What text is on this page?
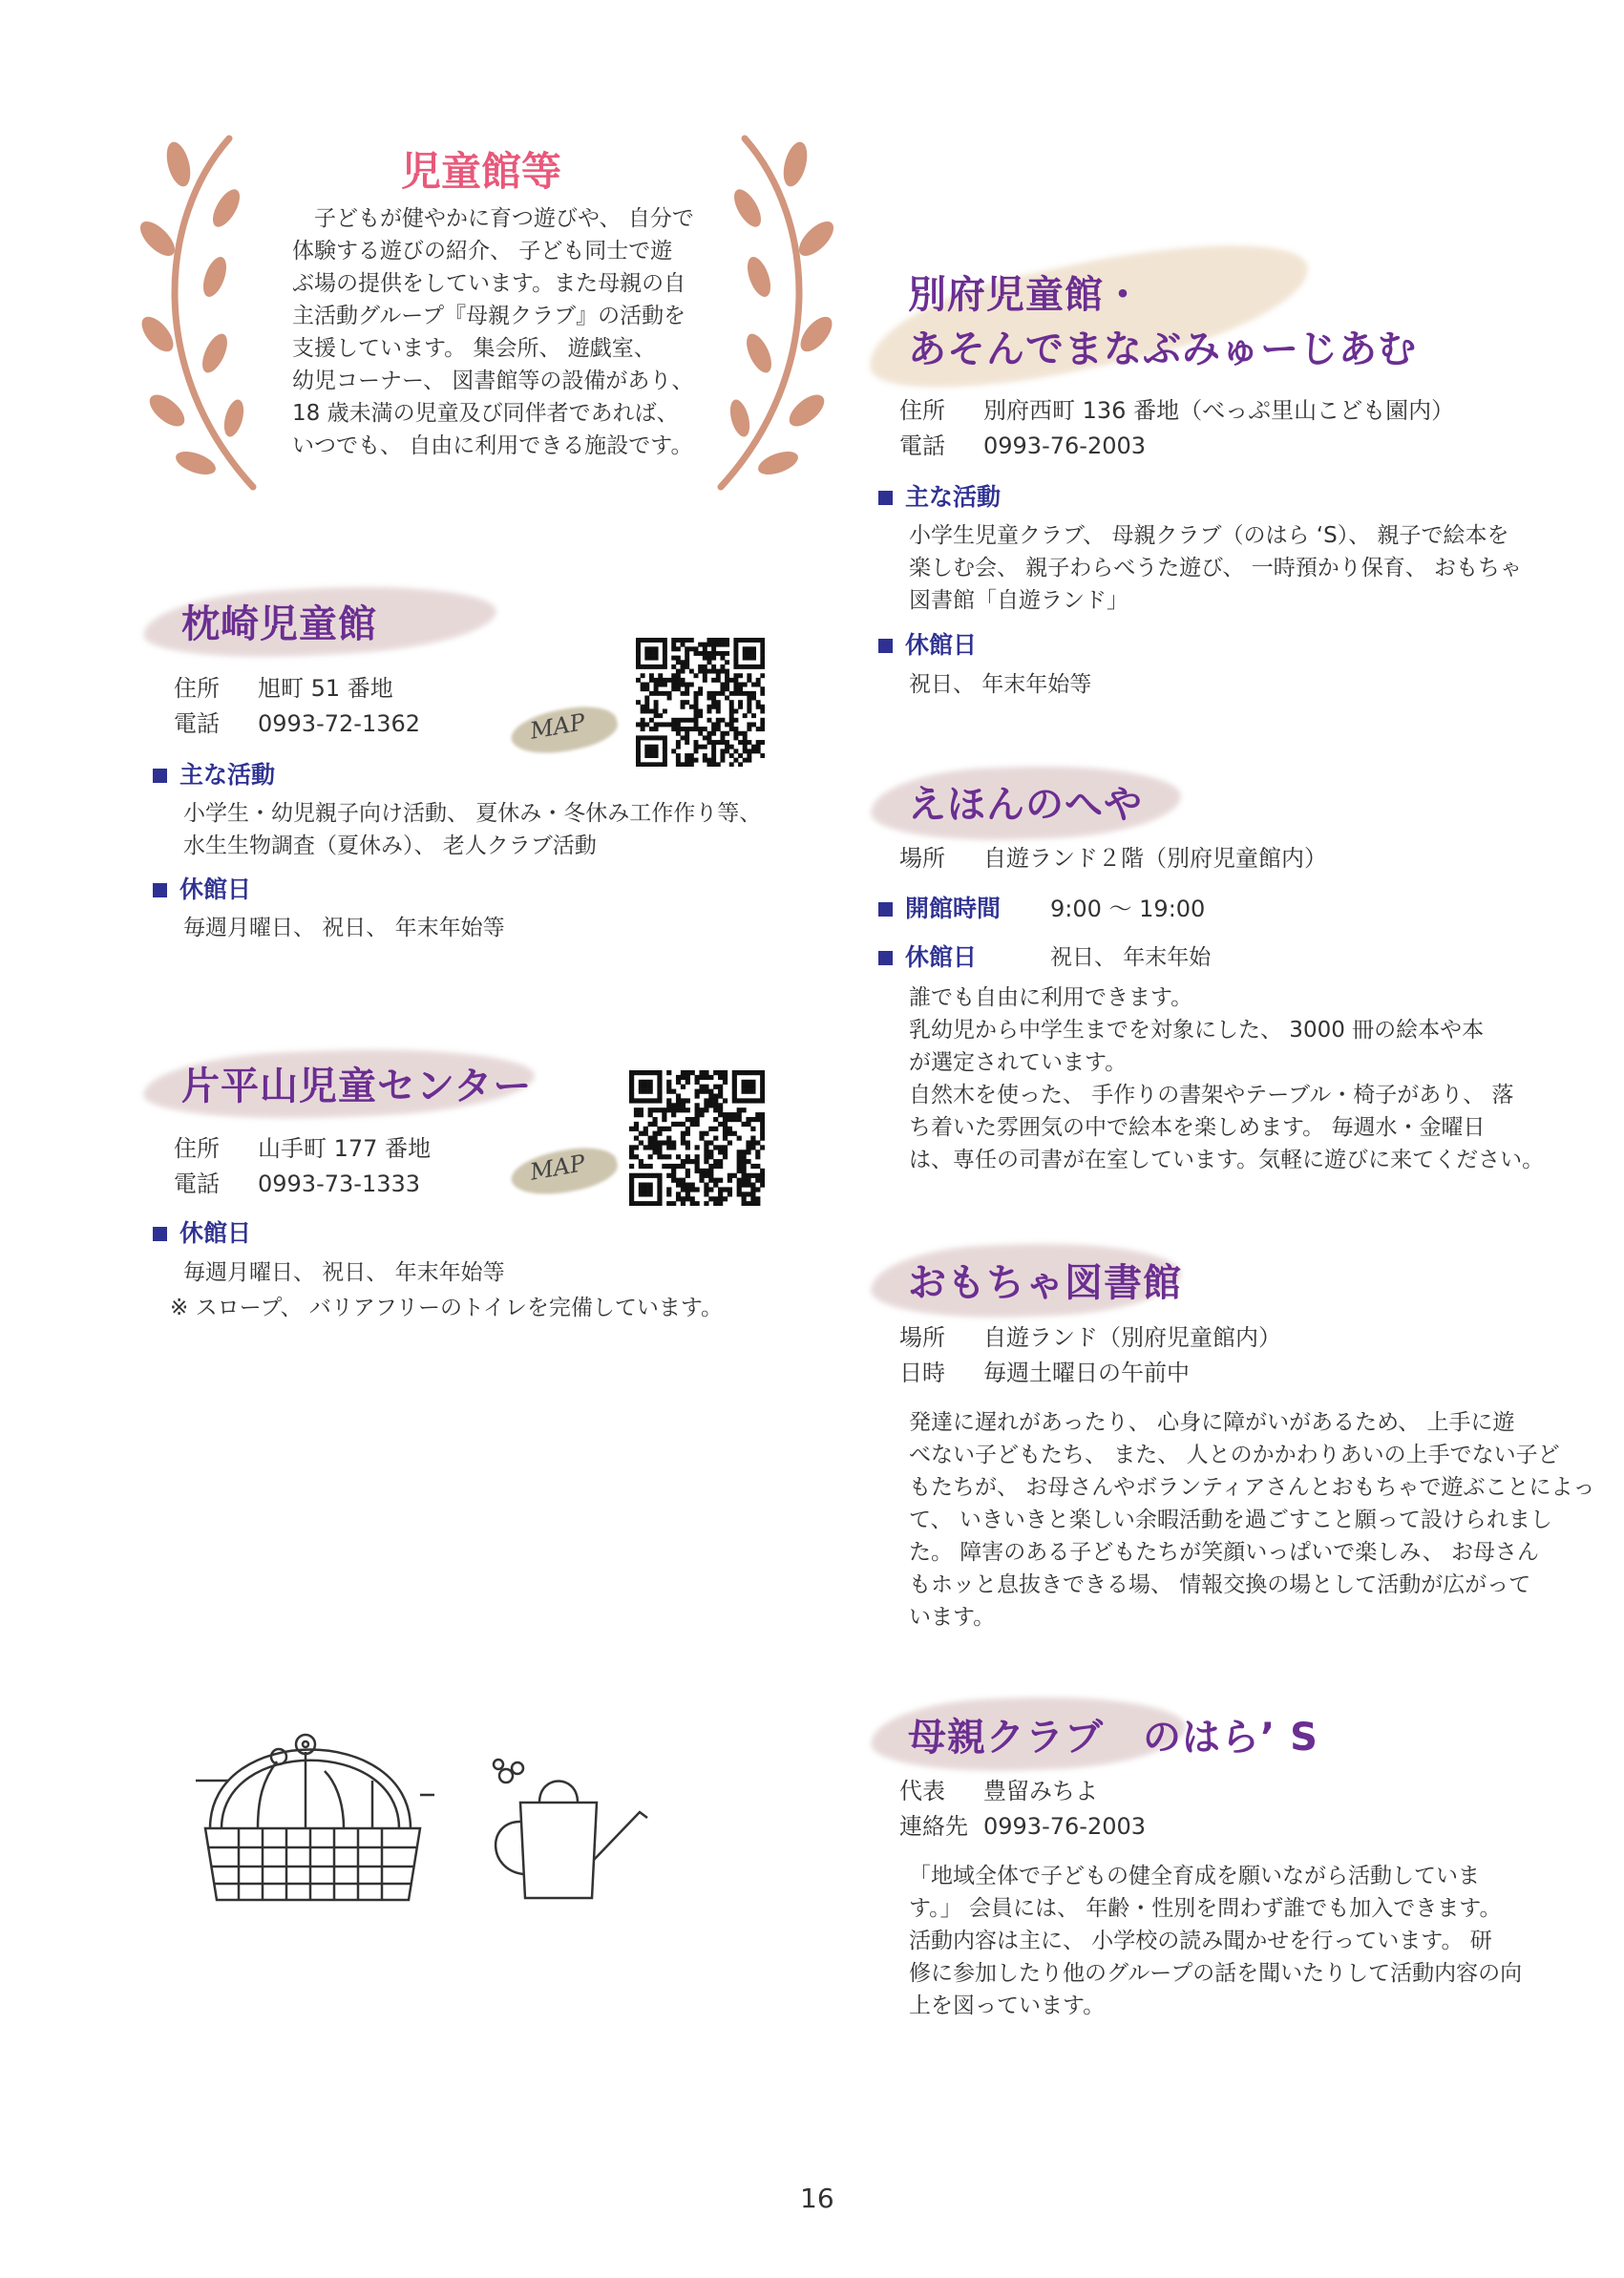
児童館等
子どもが健やかに育つ遊びや、 自分で
体験する遊びの紹介、 子ども同士で遊
ぶ場の提供をしています。また母親の自
主活動グループ『母親クラブ』の活動を
支援しています。 集会所、 遊戯室、
幼児コーナー、 図書館等の設備があり、
18 歳未満の児童及び同伴者であれば、
いつでも、 自由に利用できる施設です。
枕崎児童館
住所 旭町 51 番地
電話 0993-72-1362	MAP
主な活動
小学生・幼児親子向け活動、 夏休み・冬休み工作作り等、
水生生物調査（夏休み）、 老人クラブ活動
休館日
毎週月曜日、 祝日、 年末年始等
片平山児童センター
住所 山手町 177 番地
電話 0993-73-1333	MAP
休館日
毎週月曜日、 祝日、 年末年始等
※ スロープ、 バリアフリーのトイレを完備しています。
別府児童館・
あそんでまなぶみゅーじあむ
住所 別府西町 136 番地（べっぷ里山こども園内）
電話 0993-76-2003
主な活動
小学生児童クラブ、 母親クラブ（のはら ‘S）、 親子で絵本を
楽しむ会、 親子わらべうた遊び、 一時預かり保育、 おもちゃ
図書館「自遊ランド」
休館日
祝日、 年末年始等
えほんのへや
場所 自遊ランド２階（別府児童館内）
開館時間	9:00 ～ 19:00
休館日	祝日、 年末年始
誰でも自由に利用できます。
乳幼児から中学生までを対象にした、 3000 冊の絵本や本
が選定されています。
自然木を使った、 手作りの書架やテーブル・椅子があり、 落
ち着いた雰囲気の中で絵本を楽しめます。 毎週水・金曜日
は、専任の司書が在室しています。気軽に遊びに来てください。
おもちゃ図書館
場所 自遊ランド（別府児童館内）
日時 毎週土曜日の午前中
発達に遅れがあったり、 心身に障がいがあるため、 上手に遊
べない子どもたち、 また、 人とのかかわりあいの上手でない子ど
もたちが、 お母さんやボランティアさんとおもちゃで遊ぶことによっ
て、 いきいきと楽しい余暇活動を過ごすこと願って設けられまし
た。 障害のある子どもたちが笑顔いっぱいで楽しみ、 お母さん
もホッと息抜きできる場、 情報交換の場として活動が広がって
います。
母親クラブ　のはら’ S
代表 豊留みちよ
連絡先 0993-76-2003
「地域全体で子どもの健全育成を願いながら活動していま
す。」 会員には、 年齢・性別を問わず誰でも加入できます。
活動内容は主に、 小学校の読み聞かせを行っています。 研
修に参加したり他のグループの話を聞いたりして活動内容の向
上を図っています。
16
